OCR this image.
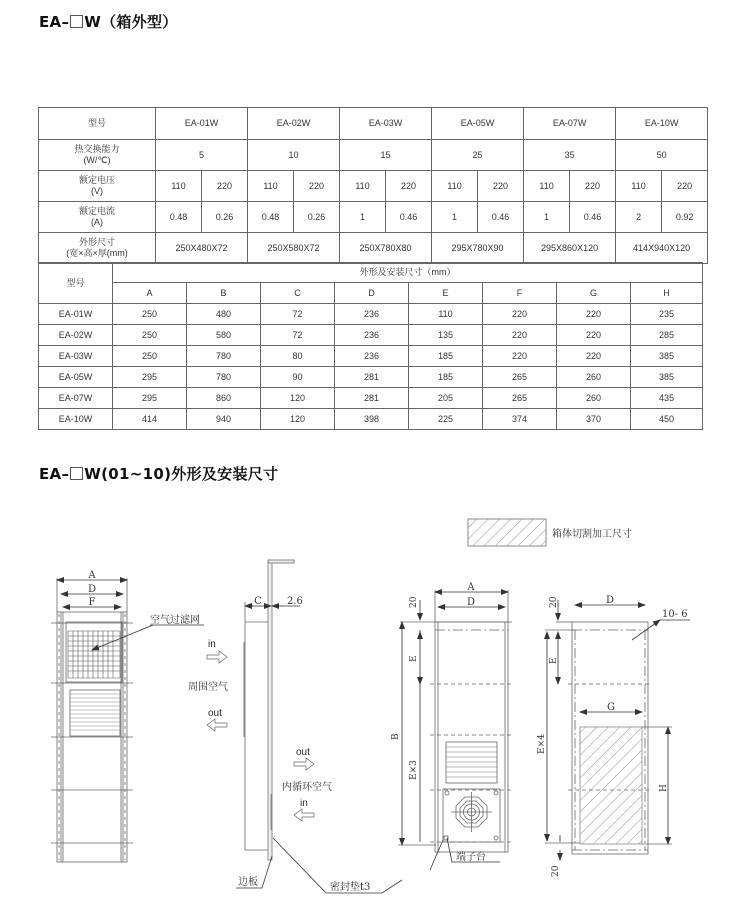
EA– W（箱外型）
型号	EA-01W		EA-02W		EA-03W		EA-05W		EA-07W		EA-10W	

热交换能力
(W/℃)	5		10		15		25		35		50	

额定电压
(V)	110	220	110	220	110	220	110	220	110	220	110	220

额定电流
(A)	0.48	0.26	0.48	0.26	1	0.46	1	0.46	1	0.46	2	0.92

外形尺寸
(宽×高×厚(mm)	250X480X72		250X580X72		250X780X80		295X780X90		295X860X120		414X940X120	
型号	外形及安装尺寸（mm）							
	A	B	C	D	E	F	G	H
EA-01W	250	480	72	236	110	220	220	235
EA-02W	250	580	72	236	135	220	220	285
EA-03W	250	780	80	236	185	220	220	385
EA-05W	295	780	90	281	185	265	260	385
EA-07W	295	860	120	281	205	265	260	435
EA-10W	414	940	120	398	225	374	370	450
EA– W(01~10)外形及安装尺寸
箱体切割加工尺寸
A
D
F
空气过滤网
in
周围空气
out
C	2.6
out
内循环空气
in
边板	密封垫t3
A
D
20
E
B
E×3
端子台
D
20
E
E×4
G
H
20
10- 6
